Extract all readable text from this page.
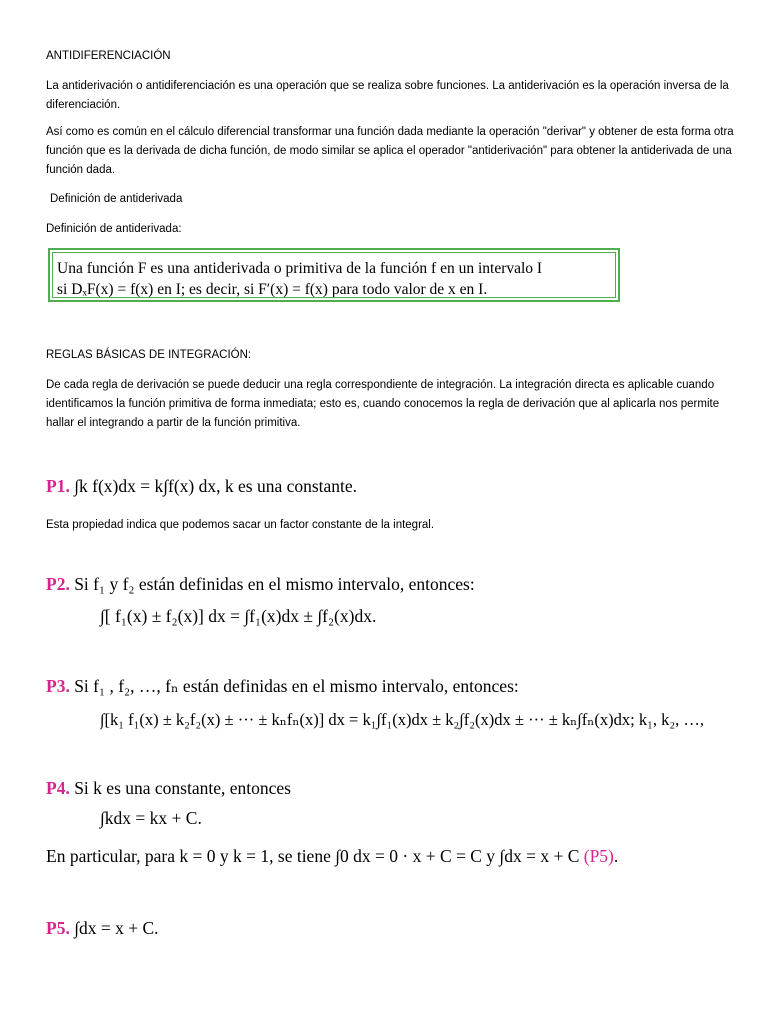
ANTIDIFERENCIACIÓN
La antiderivación o antidiferenciación es una operación que se realiza sobre funciones. La antiderivación es la operación inversa de la diferenciación.
Así como es común en el cálculo diferencial transformar una función dada mediante la operación "derivar" y obtener de esta forma otra función que es la derivada de dicha función, de modo similar se aplica el operador "antiderivación" para obtener la antiderivada de una función dada.
Definición de antiderivada
Definición de antiderivada:
Una función F es una antiderivada o primitiva de la función f en un intervalo I
si DₓF(x) = f(x) en I; es decir, si F′(x) = f(x) para todo valor de x en I.
REGLAS BÁSICAS DE INTEGRACIÓN:
De cada regla de derivación se puede deducir una regla correspondiente de integración. La integración directa es aplicable cuando identificamos la función primitiva de forma inmediata; esto es, cuando conocemos la regla de derivación que al aplicarla nos permite hallar el integrando a partir de la función primitiva.
P1. ∫k f(x)dx = k∫f(x) dx, k es una constante.
Esta propiedad indica que podemos sacar un factor constante de la integral.
P2. Si f₁ y f₂ están definidas en el mismo intervalo, entonces:
∫[ f₁(x) ± f₂(x)] dx = ∫f₁(x)dx ± ∫f₂(x)dx.
P3. Si f₁ , f₂, …, fₙ están definidas en el mismo intervalo, entonces:
∫[k₁ f₁(x) ± k₂f₂(x) ± ··· ± kₙfₙ(x)] dx = k₁∫f₁(x)dx ± k₂∫f₂(x)dx ± ··· ± kₙ∫fₙ(x)dx; k₁, k₂, …,
P4. Si k es una constante, entonces
∫kdx = kx + C.
En particular, para k = 0 y k = 1, se tiene ∫0 dx = 0 · x + C = C y ∫dx = x + C (P5).
P5. ∫dx = x + C.
